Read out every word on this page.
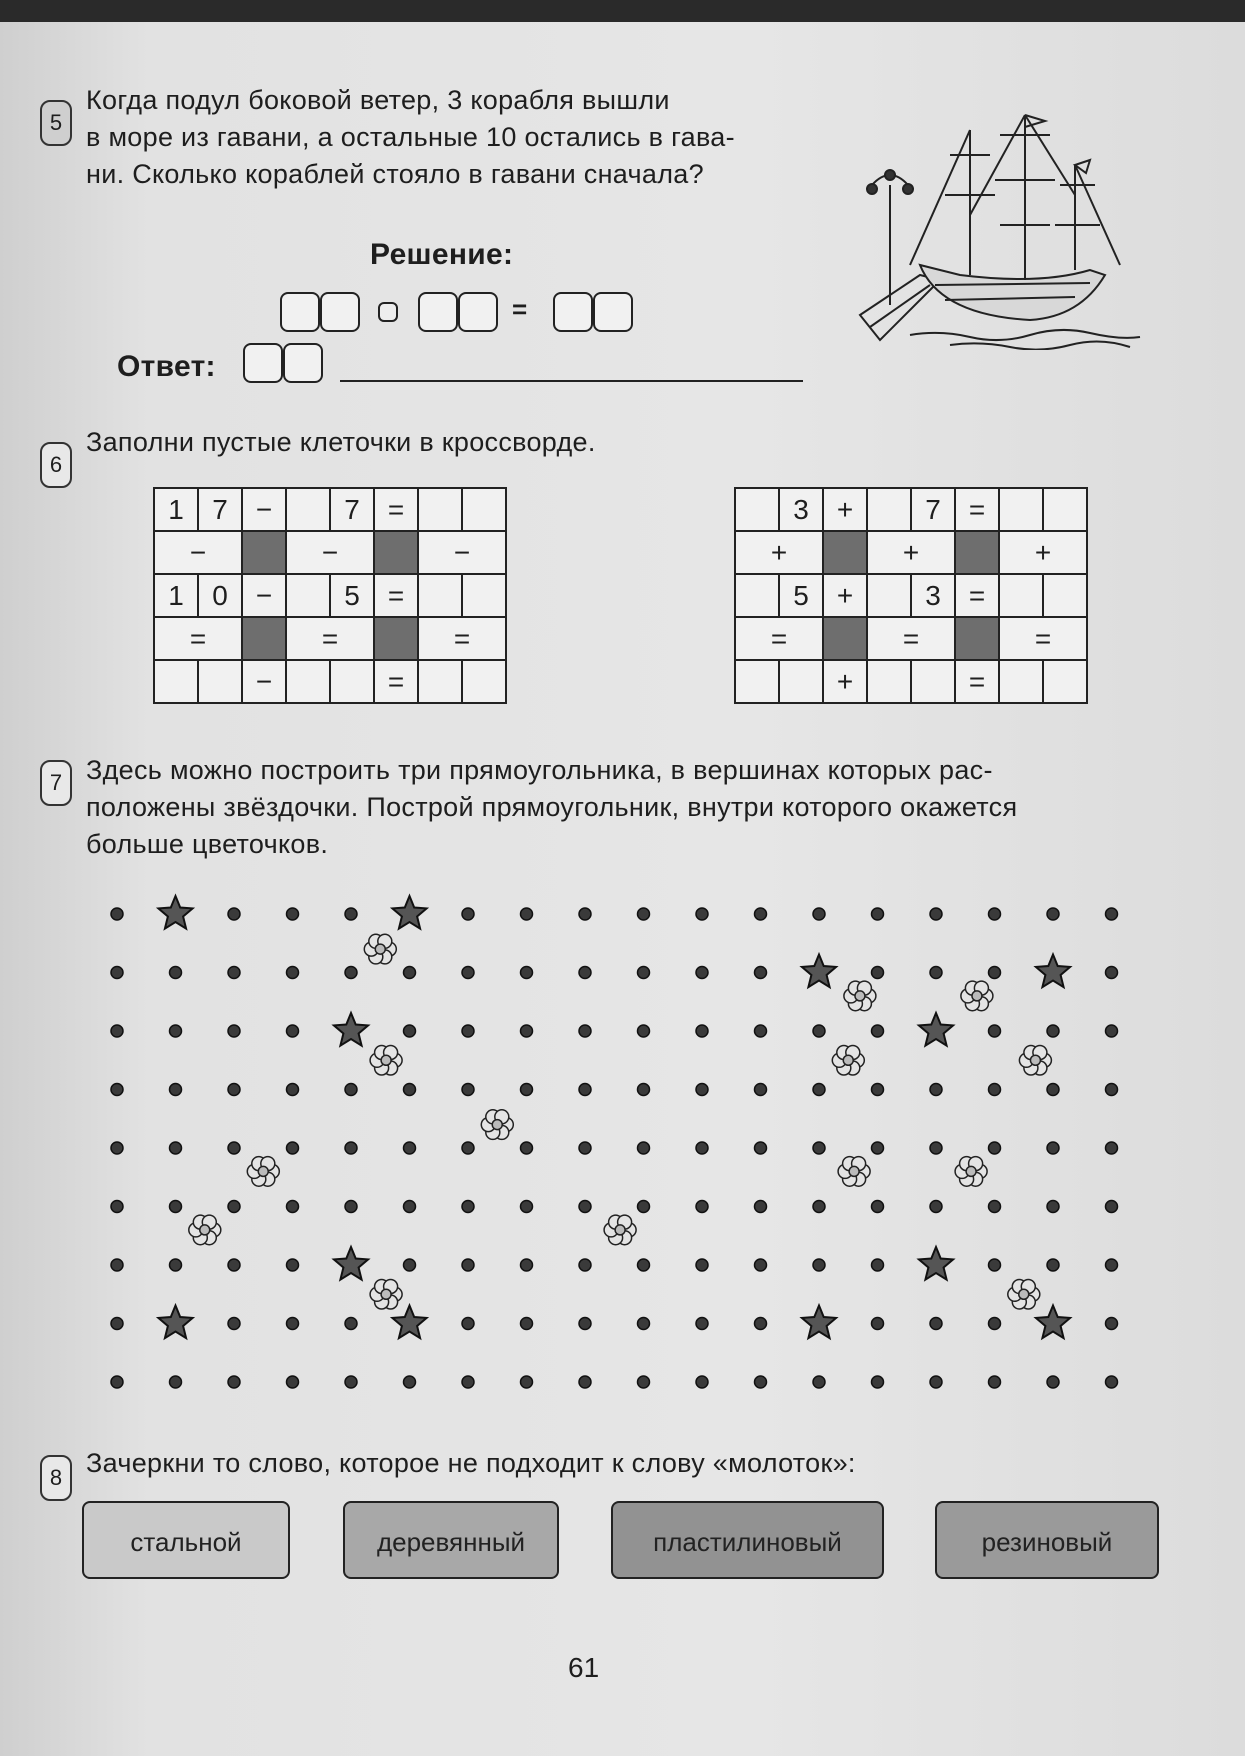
5
Когда подул боковой ветер, 3 корабля вышли
в море из гавани, а остальные 10 остались в гава-
ни. Сколько кораблей стояло в гавани сначала?
Решение:
=
Ответ:
6
Заполни пустые клеточки в кроссворде.
1	7	−		7	=		
−			−			−	
1	0	−		5	=		
=			=			=	
		−			=		
	3	+		7	=		
+			+			+	
	5	+		3	=		
=			=			=	
		+			=		
7 Здесь можно построить три прямоугольника, в вершинах которых рас-
положены звёздочки. Построй прямоугольник, внутри которого окажется
больше цветочков.
8 Зачеркни то слово, которое не подходит к слову «молоток»:
стальной	деревянный	пластилиновый	резиновый
61
